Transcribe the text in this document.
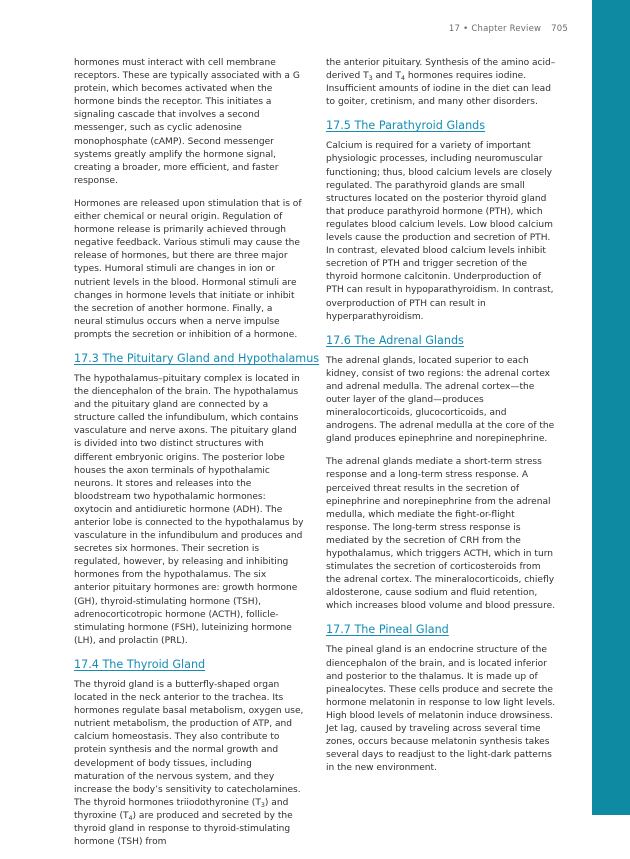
17 • Chapter Review 705

hormones must interact with cell membrane receptors. These are typically associated with a G protein, which becomes activated when the hormone binds the receptor. This initiates a signaling cascade that involves a second messenger, such as cyclic adenosine monophosphate (cAMP). Second messenger systems greatly amplify the hormone signal, creating a broader, more efficient, and faster response.

Hormones are released upon stimulation that is of either chemical or neural origin. Regulation of hormone release is primarily achieved through negative feedback. Various stimuli may cause the release of hormones, but there are three major types. Humoral stimuli are changes in ion or nutrient levels in the blood. Hormonal stimuli are changes in hormone levels that initiate or inhibit the secretion of another hormone. Finally, a neural stimulus occurs when a nerve impulse prompts the secretion or inhibition of a hormone.

17.3 The Pituitary Gland and Hypothalamus

The hypothalamus–pituitary complex is located in the diencephalon of the brain. The hypothalamus and the pituitary gland are connected by a structure called the infundibulum, which contains vasculature and nerve axons. The pituitary gland is divided into two distinct structures with different embryonic origins. The posterior lobe houses the axon terminals of hypothalamic neurons. It stores and releases into the bloodstream two hypothalamic hormones: oxytocin and antidiuretic hormone (ADH). The anterior lobe is connected to the hypothalamus by vasculature in the infundibulum and produces and secretes six hormones. Their secretion is regulated, however, by releasing and inhibiting hormones from the hypothalamus. The six anterior pituitary hormones are: growth hormone (GH), thyroid-stimulating hormone (TSH), adrenocorticotropic hormone (ACTH), follicle-stimulating hormone (FSH), luteinizing hormone (LH), and prolactin (PRL).

17.4 The Thyroid Gland

The thyroid gland is a butterfly-shaped organ located in the neck anterior to the trachea. Its hormones regulate basal metabolism, oxygen use, nutrient metabolism, the production of ATP, and calcium homeostasis. They also contribute to protein synthesis and the normal growth and development of body tissues, including maturation of the nervous system, and they increase the body’s sensitivity to catecholamines. The thyroid hormones triiodothyronine $(T_3)$ and thyroxine $(T_4)$ are produced and secreted by the thyroid gland in response to thyroid-stimulating hormone (TSH) from

the anterior pituitary. Synthesis of the amino acid–derived $T_3$ and $T_4$ hormones requires iodine. Insufficient amounts of iodine in the diet can lead to goiter, cretinism, and many other disorders.

17.5 The Parathyroid Glands

Calcium is required for a variety of important physiologic processes, including neuromuscular functioning; thus, blood calcium levels are closely regulated. The parathyroid glands are small structures located on the posterior thyroid gland that produce parathyroid hormone (PTH), which regulates blood calcium levels. Low blood calcium levels cause the production and secretion of PTH. In contrast, elevated blood calcium levels inhibit secretion of PTH and trigger secretion of the thyroid hormone calcitonin. Underproduction of PTH can result in hypoparathyroidism. In contrast, overproduction of PTH can result in hyperparathyroidism.

17.6 The Adrenal Glands

The adrenal glands, located superior to each kidney, consist of two regions: the adrenal cortex and adrenal medulla. The adrenal cortex—the outer layer of the gland—produces mineralocorticoids, glucocorticoids, and androgens. The adrenal medulla at the core of the gland produces epinephrine and norepinephrine.

The adrenal glands mediate a short-term stress response and a long-term stress response. A perceived threat results in the secretion of epinephrine and norepinephrine from the adrenal medulla, which mediate the fight-or-flight response. The long-term stress response is mediated by the secretion of CRH from the hypothalamus, which triggers ACTH, which in turn stimulates the secretion of corticosteroids from the adrenal cortex. The mineralocorticoids, chiefly aldosterone, cause sodium and fluid retention, which increases blood volume and blood pressure.

17.7 The Pineal Gland

The pineal gland is an endocrine structure of the diencephalon of the brain, and is located inferior and posterior to the thalamus. It is made up of pinealocytes. These cells produce and secrete the hormone melatonin in response to low light levels. High blood levels of melatonin induce drowsiness. Jet lag, caused by traveling across several time zones, occurs because melatonin synthesis takes several days to readjust to the light-dark patterns in the new environment.
